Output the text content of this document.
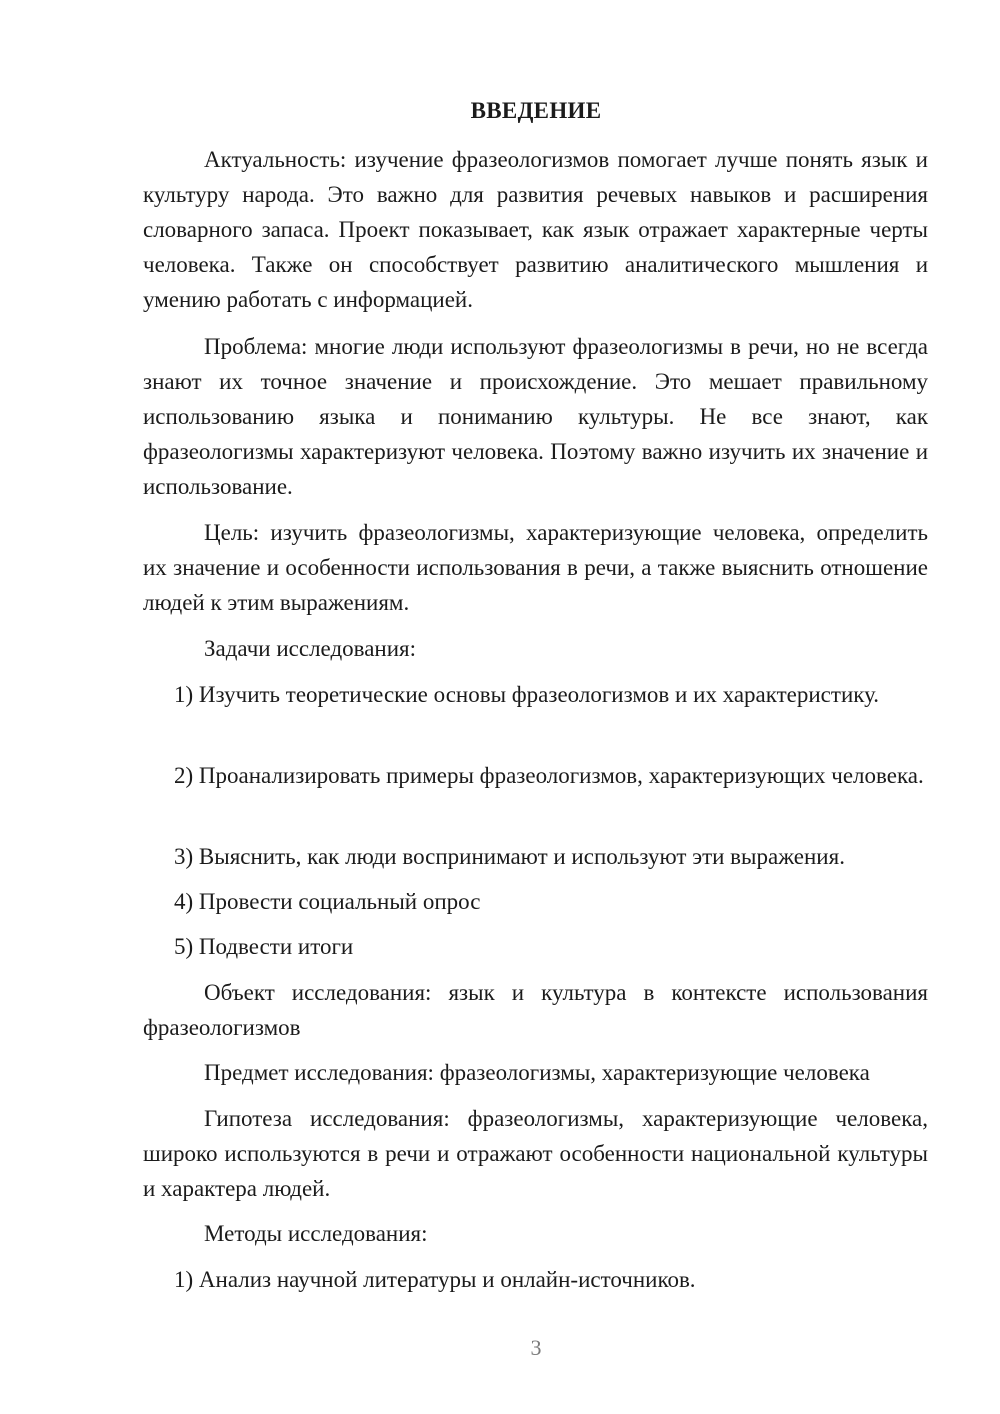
ВВЕДЕНИЕ

Актуальность: изучение фразеологизмов помогает лучше понять язык и культуру народа. Это важно для развития речевых навыков и расширения словарного запаса. Проект показывает, как язык отражает характерные черты человека. Также он способствует развитию аналитического мышления и умению работать с информацией.

Проблема: многие люди используют фразеологизмы в речи, но не всегда знают их точное значение и происхождение. Это мешает правильному использованию языка и пониманию культуры. Не все знают, как фразеологизмы характеризуют человека. Поэтому важно изучить их значение и использование.

Цель: изучить фразеологизмы, характеризующие человека, определить их значение и особенности использования в речи, а также выяснить отношение людей к этим выражениям.

Задачи исследования:

1) Изучить теоретические основы фразеологизмов и их характеристику.

2) Проанализировать примеры фразеологизмов, характеризующих человека.

3) Выяснить, как люди воспринимают и используют эти выражения.

4) Провести социальный опрос

5) Подвести итоги

Объект исследования: язык и культура в контексте использования фразеологизмов

Предмет исследования: фразеологизмы, характеризующие человека

Гипотеза исследования: фразеологизмы, характеризующие человека, широко используются в речи и отражают особенности национальной культуры и характера людей.

Методы исследования:

1) Анализ научной литературы и онлайн-источников.

3
